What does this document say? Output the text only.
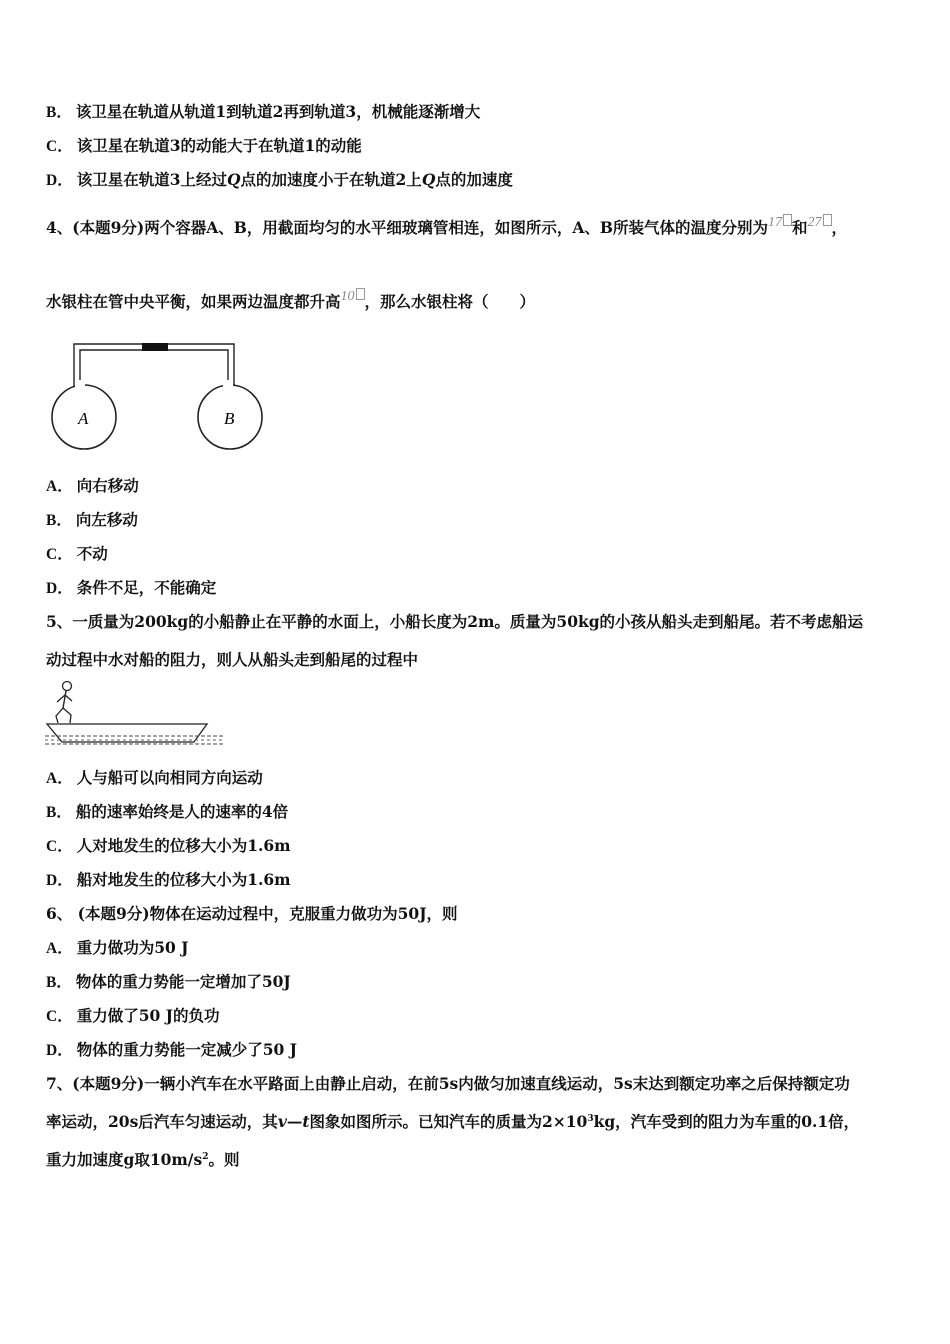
B． 该卫星在轨道从轨道1到轨道2再到轨道3，机械能逐渐增大
C． 该卫星在轨道3的动能大于在轨道1的动能
D． 该卫星在轨道3上经过Q点的加速度小于在轨道2上Q点的加速度
4、(本题9分)两个容器A、B，用截面均匀的水平细玻璃管相连，如图所示，A、B所装气体的温度分别为17 和27 ，
水银柱在管中央平衡，如果两边温度都升高10 ，那么水银柱将（　　）
A	B
A． 向右移动
B． 向左移动
C． 不动
D． 条件不足，不能确定
5、一质量为200kg的小船静止在平静的水面上，小船长度为2m。质量为50kg的小孩从船头走到船尾。若不考虑船运
动过程中水对船的阻力，则人从船头走到船尾的过程中
A． 人与船可以向相同方向运动
B． 船的速率始终是人的速率的4倍
C． 人对地发生的位移大小为1.6m
D． 船对地发生的位移大小为1.6m
6、 (本题9分)物体在运动过程中，克服重力做功为50J，则
A． 重力做功为50 J
B． 物体的重力势能一定增加了50J
C． 重力做了50 J的负功
D． 物体的重力势能一定减少了50 J
7、(本题9分)一辆小汽车在水平路面上由静止启动，在前5s内做匀加速直线运动，5s末达到额定功率之后保持额定功
率运动，20s后汽车匀速运动，其v—t图象如图所示。已知汽车的质量为$2\times 10^3kg$，汽车受到的阻力为车重的0.1倍，
重力加速度g取$10m/s^2$。则
